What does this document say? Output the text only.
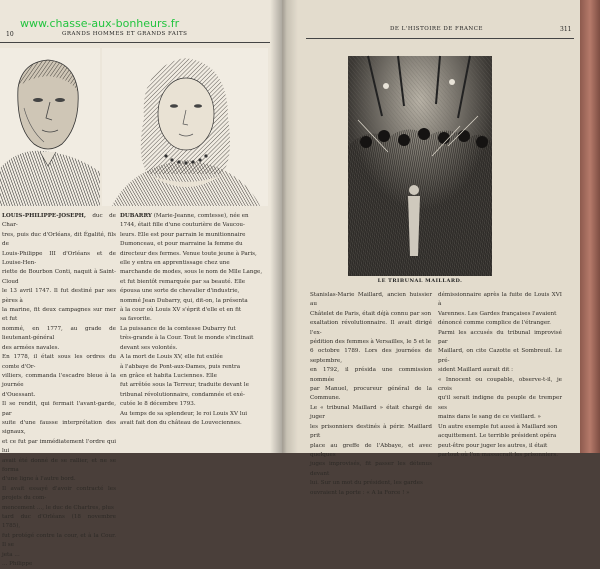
10	GRANDS HOMMES ET GRANDS FAITS

LOUIS-PHILIPPE-JOSEPH, duc de Char-

tres, puis duc d'Orléans, dit Égalité, fils de

Louis-Philippe III d'Orléans et de Louise-Hen-

riette de Bourbon Conti, naquit à Saint-Cloud

le 13 avril 1747. Il fut destiné par ses pères à

la marine, fit deux campagnes sur mer et fut

nommé, en 1777, au grade de lieutenant-général

des armées navales.

En 1778, il était sous les ordres du comte d'Or-

villiers, commanda l'escadre bleue à la journée

d'Ouessant.

Il se rendit, qui fermait l'avant-garde, par

suite d'une fausse interprétation des signaux,

et ce fut par immédiatement l'ordre qui lui

avait été donné de se rallier, et ne se forma

d'une ligne à l'autre bord.

Il avait essayé d'avoir contracté les projets du com-

mencement ..., le duc de Chartres, plus

tard duc d'Orléans (18 novembre 1785),

fut protégé contre la cour, et à la Cour. Il se

jeta ...

... Philippe

DUBARRY (Marie-Jeanne, comtesse), née en

1744, était fille d'une couturière de Vaucou-

leurs. Elle est pour parrain le munitionnaire

Dumonceau, et pour marraine la femme du

directeur des fermes. Venue toute jeune à Paris,

elle y entra en apprentissage chez une

marchande de modes, sous le nom de Mlle Lange,

et fut bientôt remarquée par sa beauté. Elle

épousa une sorte de chevalier d'industrie,

nommé Jean Dubarry, qui, dit-on, la présenta

à la cour où Louis XV s'éprit d'elle et en fit

sa favorite.

La puissance de la comtesse Dubarry fut

très-grande à la Cour. Tout le monde s'inclinait

devant ses volontés.

A la mort de Louis XV, elle fut exilée

à l'abbaye de Pont-aux-Dames, puis rentra

en grâce et habita Luciennes. Elle

fut arrêtée sous la Terreur, traduite devant le

tribunal révolutionnaire, condamnée et exé-

cutée le 8 décembre 1793.

Au temps de sa splendeur, le roi Louis XV lui

avait fait don du château de Louveciennes.

DE L'HISTOIRE DE FRANCE	311
LE TRIBUNAL MAILLARD.

Stanislas-Marie Maillard, ancien huissier au

Châtelet de Paris, était déjà connu par son

exaltation révolutionnaire. Il avait dirigé l'ex-

pédition des femmes à Versailles, le 5 et le

6 octobre 1789. Lors des journées de septembre,

en 1792, il présida une commission nommée

par Manuel, procureur général de la Commune.

Le « tribunal Maillard » était chargé de juger

les prisonniers destinés à périr. Maillard prit

place au greffe de l'Abbaye, et avec quelques

juges improvisés, fit passer les détenus devant

lui. Sur un mot du président, les gardes

ouvraient la porte : « A la Force ! »

démissionnaire après la fuite de Louis XVI à

Varennes. Les Gardes françaises l'avaient

dénoncé comme complice de l'étranger.

Parmi les accusés du tribunal improvisé par

Maillard, on cite Cazotte et Sombreuil. Le pré-

sident Maillard aurait dit :

« Innocent ou coupable, observe-t-il, je crois

qu'il serait indigne du peuple de tremper ses

mains dans le sang de ce vieillard. »

Un autre exemple fut aussi à Maillard son

acquittement. Le terrible président opéra

peut-être pour juger les autres, il était

partout où l'on massacrait les prisonniers.

www.chasse-aux-bonheurs.fr
